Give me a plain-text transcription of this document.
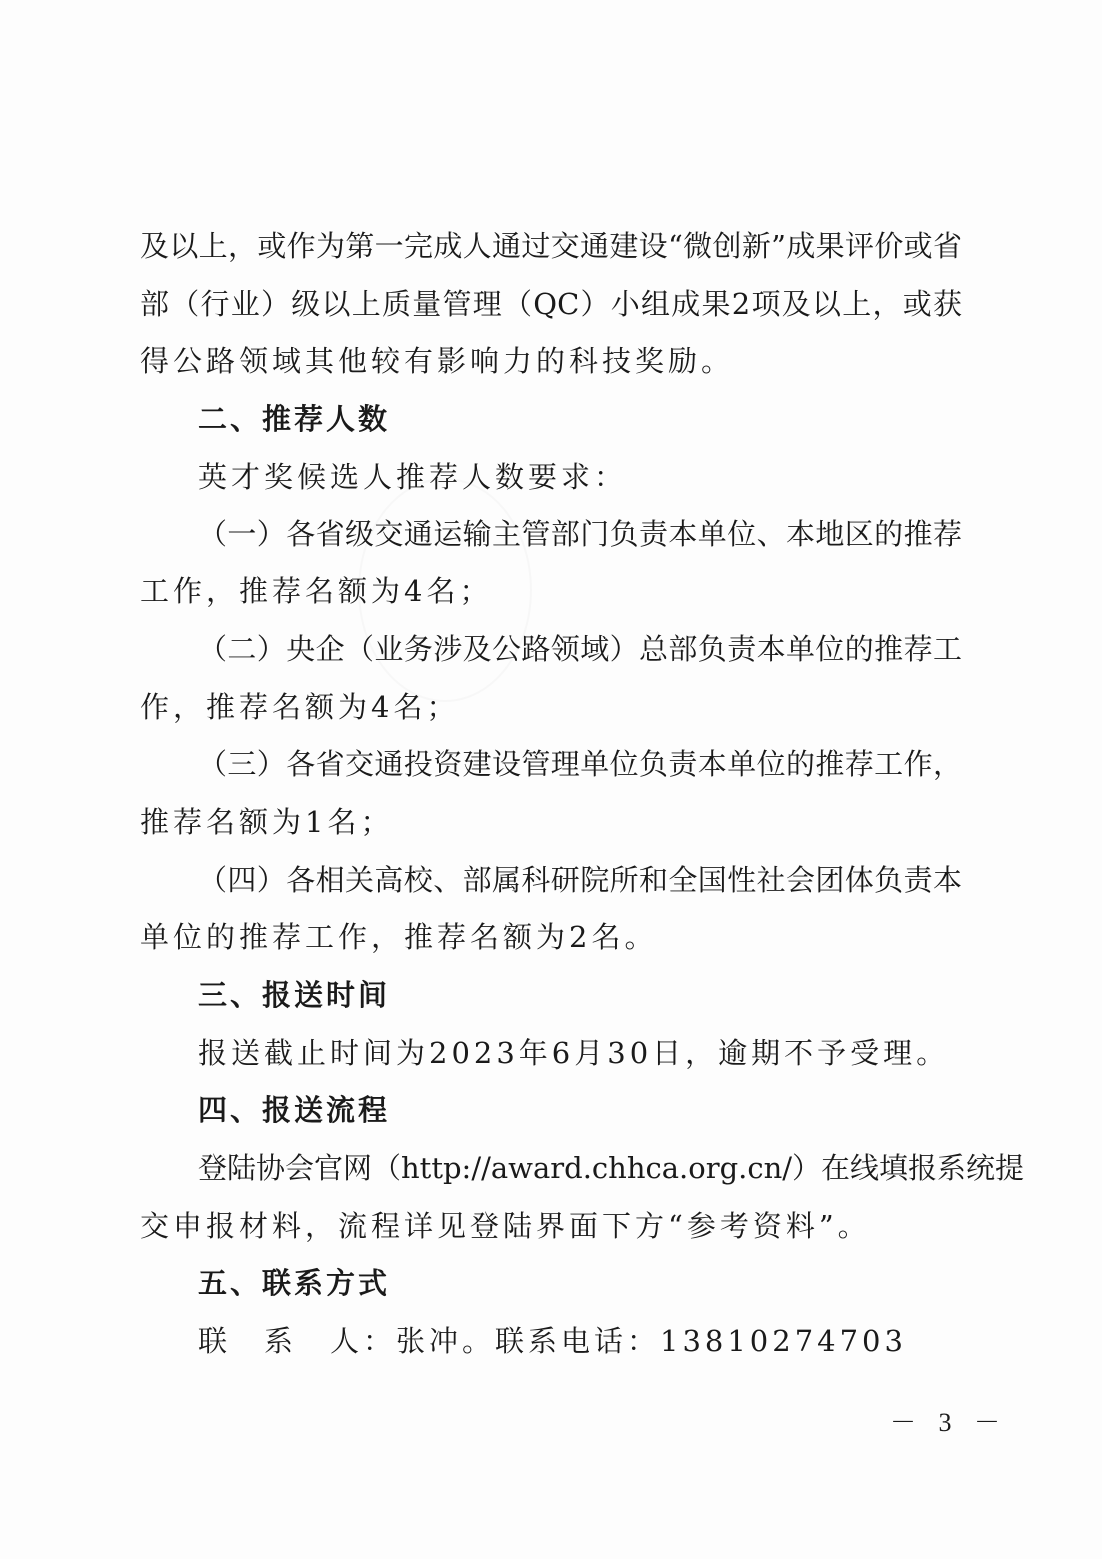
及以上，或作为第一完成人通过交通建设“微创新”成果评价或省
部（行业）级以上质量管理（QC）小组成果2项及以上，或获
得公路领域其他较有影响力的科技奖励。
二、推荐人数
英才奖候选人推荐人数要求：
（一）各省级交通运输主管部门负责本单位、本地区的推荐
工作，推荐名额为4名；
（二）央企（业务涉及公路领域）总部负责本单位的推荐工
作，推荐名额为4名；
（三）各省交通投资建设管理单位负责本单位的推荐工作，
推荐名额为1名；
（四）各相关高校、部属科研院所和全国性社会团体负责本
单位的推荐工作，推荐名额为2名。
三、报送时间
报送截止时间为2023年6月30日，逾期不予受理。
四、报送流程
登陆协会官网（http://award.chhca.org.cn/）在线填报系统提
交申报材料，流程详见登陆界面下方“参考资料”。
五、联系方式
联　系　人：张冲。联系电话：13810274703
－ 3 －
